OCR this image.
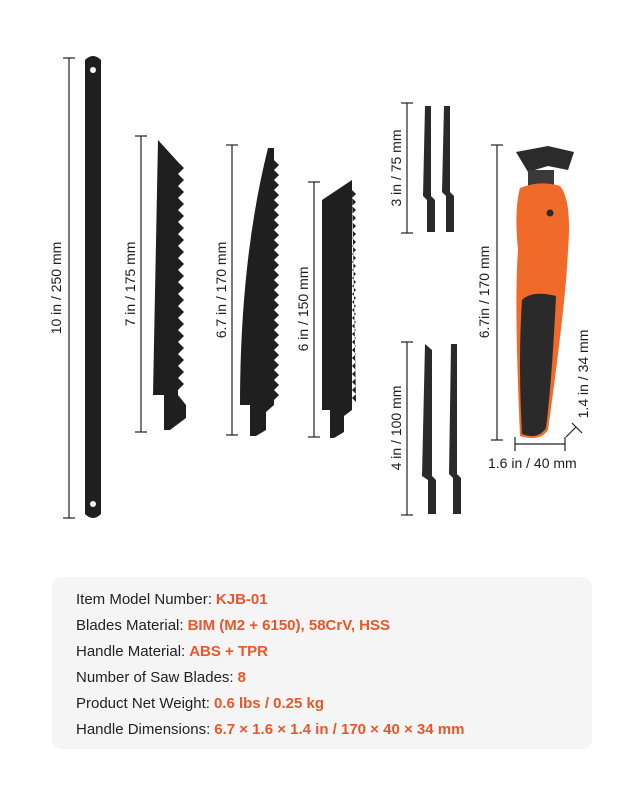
10 in / 250 mm	7 in / 175 mm	6.7 in / 170 mm	6 in / 150 mm
3 in / 75 mm
4 in / 100 mm
6.7in / 170 mm
1.4 in / 34 mm
1.6 in / 40 mm
Item Model Number: KJB-01
Blades Material: BIM (M2 + 6150), 58CrV, HSS
Handle Material: ABS + TPR
Number of Saw Blades: 8
Product Net Weight: 0.6 lbs / 0.25 kg
Handle Dimensions: 6.7 × 1.6 × 1.4 in / 170 × 40 × 34 mm
